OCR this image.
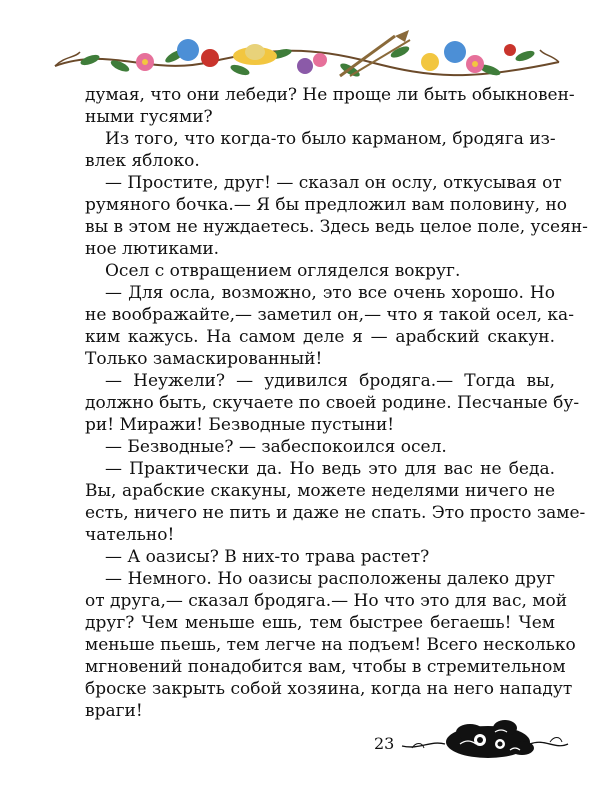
думая, что они лебеди? Не проще ли быть обыкновен-
ными гусями?
Из того, что когда-то было карманом, бродяга из-
влек яблоко.
— Простите, друг! — сказал он ослу, откусывая от
румяного бочка.— Я бы предложил вам половину, но
вы в этом не нуждаетесь. Здесь ведь целое поле, усеян-
ное лютиками.
Осел с отвращением огляделся вокруг.
— Для осла, возможно, это все очень хорошо. Но
не воображайте,— заметил он,— что я такой осел, ка-
ким кажусь. На самом деле я — арабский скакун.
Только замаскированный!
— Неужели? — удивился бродяга.— Тогда вы,
должно быть, скучаете по своей родине. Песчаные бу-
ри! Миражи! Безводные пустыни!
— Безводные? — забеспокоился осел.
— Практически да. Но ведь это для вас не беда.
Вы, арабские скакуны, можете неделями ничего не
есть, ничего не пить и даже не спать. Это просто заме-
чательно!
— А оазисы? В них-то трава растет?
— Немного. Но оазисы расположены далеко друг
от друга,— сказал бродяга.— Но что это для вас, мой
друг? Чем меньше ешь, тем быстрее бегаешь! Чем
меньше пьешь, тем легче на подъем! Всего несколько
мгновений понадобится вам, чтобы в стремительном
броске закрыть собой хозяина, когда на него нападут
враги!
23
